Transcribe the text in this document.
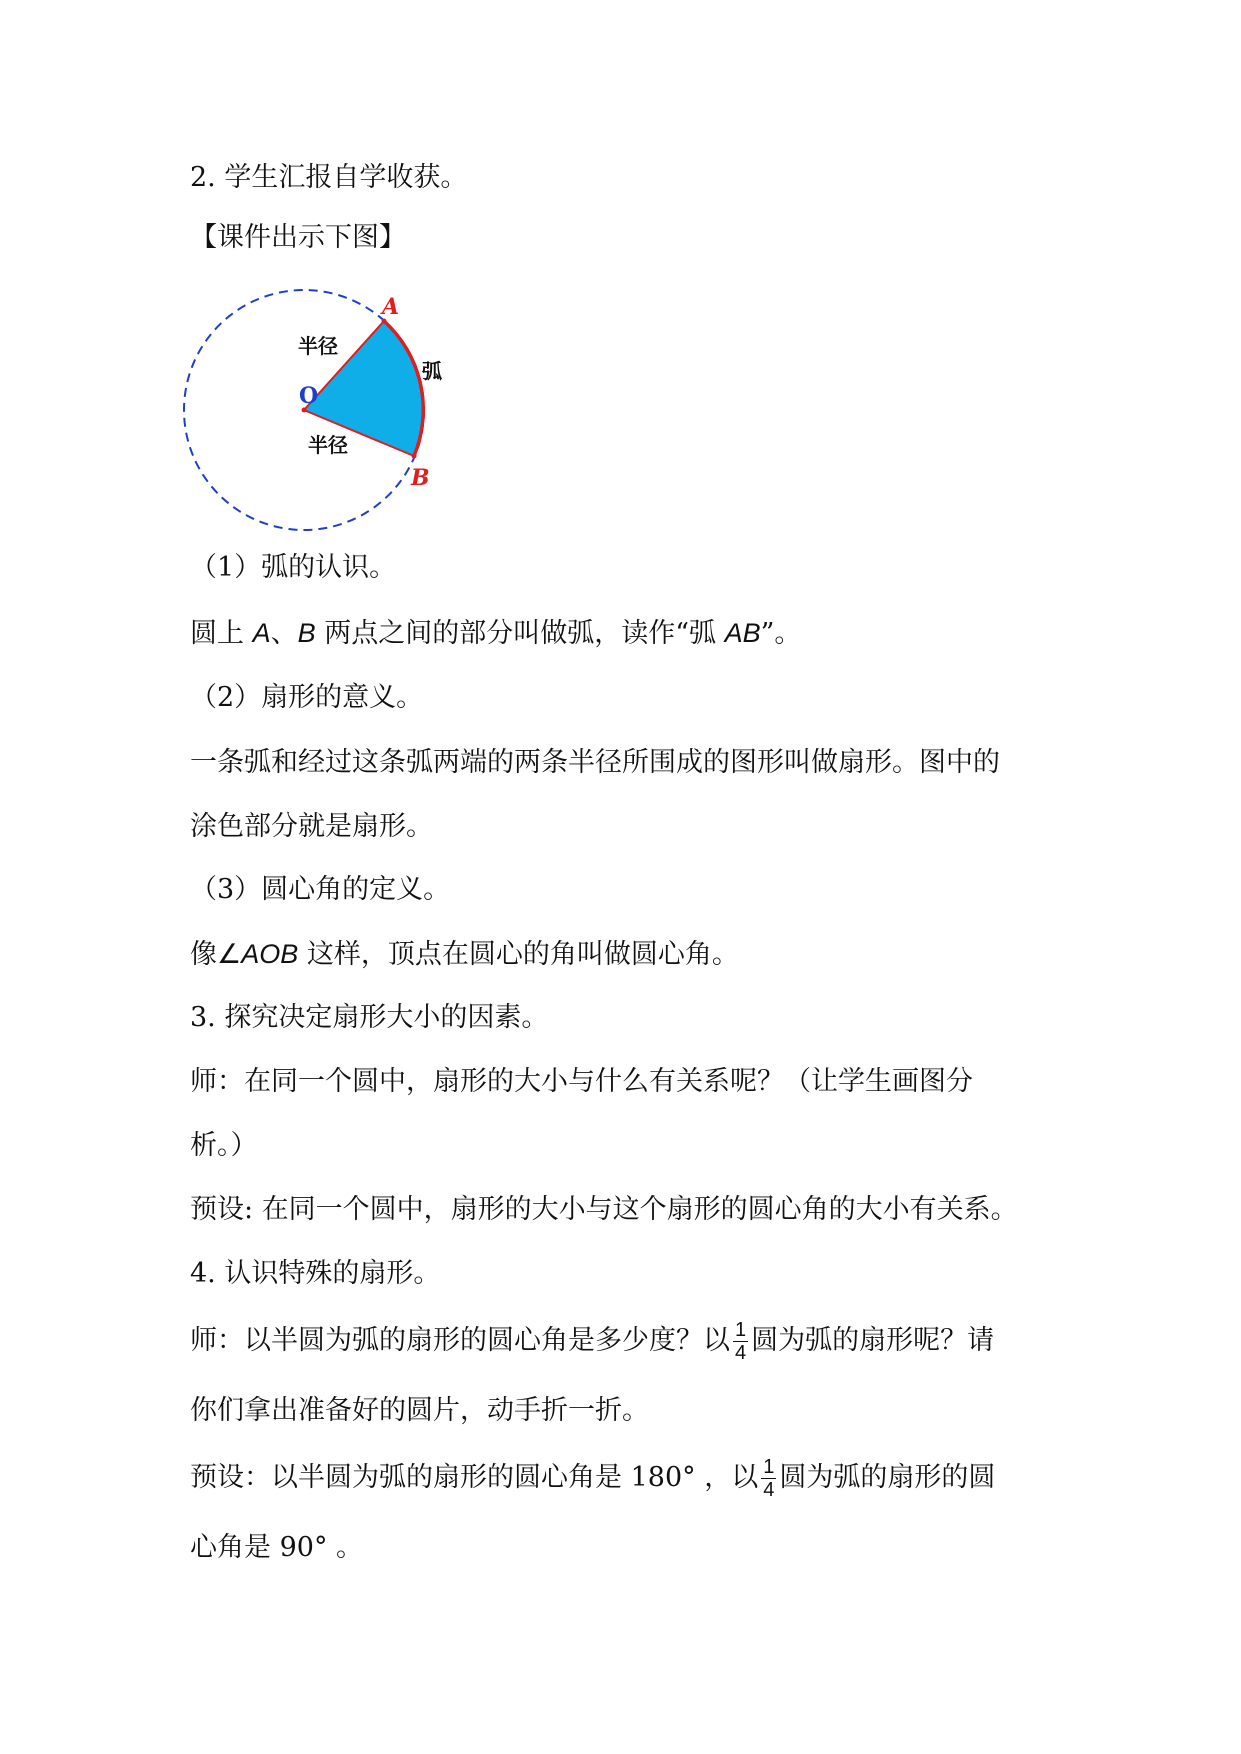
2. 学生汇报自学收获。
【课件出示下图】
O
A
B
半径
半径
弧
（1）弧的认识。
圆上 A、B 两点之间的部分叫做弧，读作“弧 AB”。
（2）扇形的意义。
一条弧和经过这条弧两端的两条半径所围成的图形叫做扇形。图中的
涂色部分就是扇形。
（3）圆心角的定义。
像∠AOB 这样，顶点在圆心的角叫做圆心角。
3. 探究决定扇形大小的因素。
师：在同一个圆中，扇形的大小与什么有关系呢？（让学生画图分
析。）
预设: 在同一个圆中，扇形的大小与这个扇形的圆心角的大小有关系。
4. 认识特殊的扇形。
师：以半圆为弧的扇形的圆心角是多少度？以 $\frac{1}{4}$ 圆为弧的扇形呢？请
你们拿出准备好的圆片，动手折一折。
预设：以半圆为弧的扇形的圆心角是 180° ，以 $\frac{1}{4}$ 圆为弧的扇形的圆
心角是 90° 。
